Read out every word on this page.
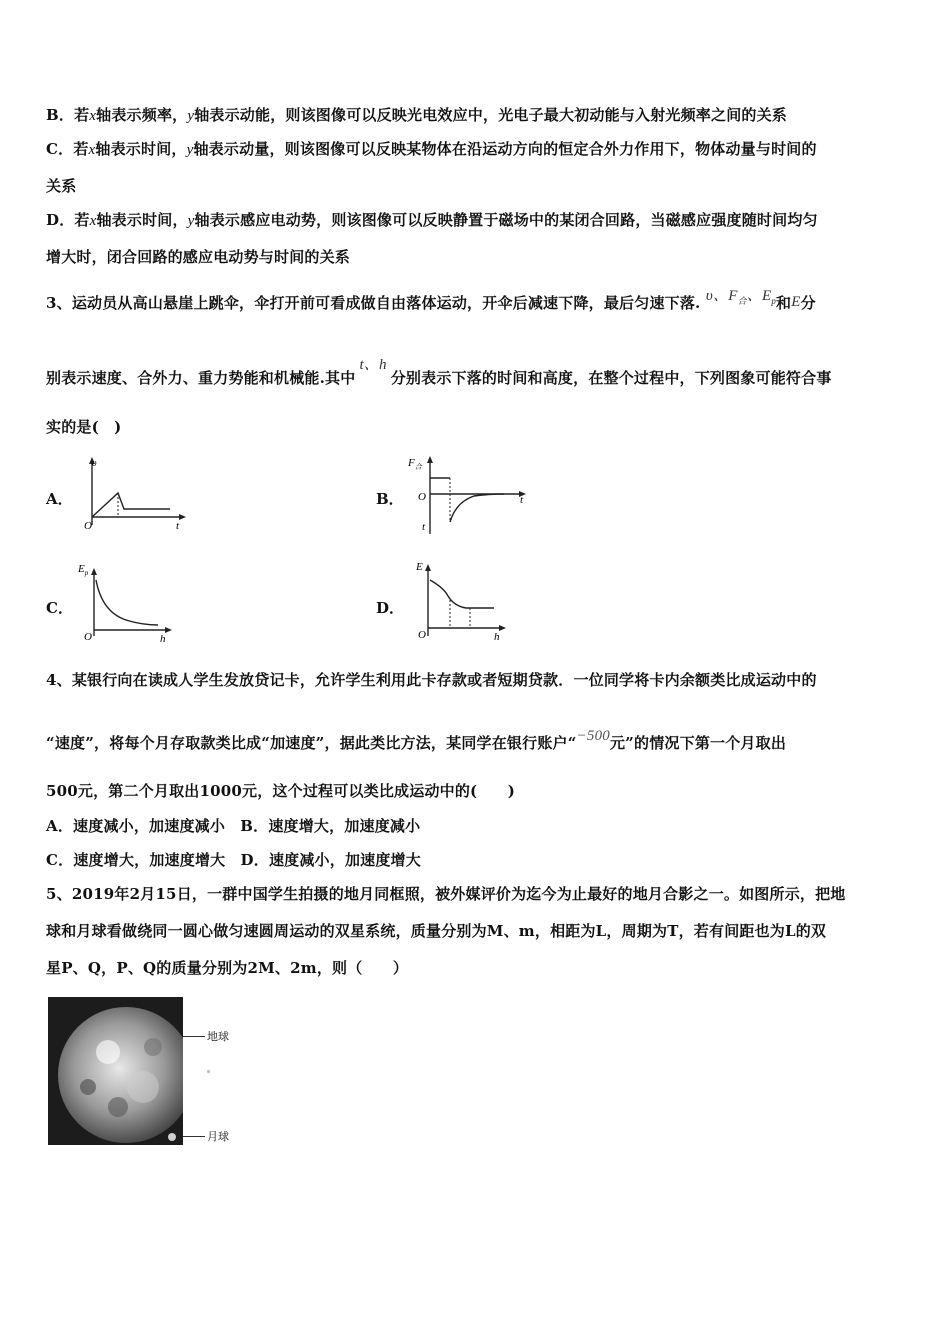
B．若x轴表示频率，y轴表示动能，则该图像可以反映光电效应中，光电子最大初动能与入射光频率之间的关系
C．若x轴表示时间，y轴表示动量，则该图像可以反映某物体在沿运动方向的恒定合外力作用下，物体动量与时间的
关系
D．若x轴表示时间，y轴表示感应电动势，则该图像可以反映静置于磁场中的某闭合回路，当磁感应强度随时间均匀
增大时，闭合回路的感应电动势与时间的关系
3、运动员从高山悬崖上跳伞，伞打开前可看成做自由落体运动，开伞后减速下降，最后匀速下落. υ、$F_合$、$E_p$和E分
别表示速度、合外力、重力势能和机械能.其中t、h分别表示下落的时间和高度，在整个过程中，下列图象可能符合事
实的是(　)
A．
υ
O	t
B．
$F_合$
O	t
t
C．
$E_p$
O	h
D．
E
O	h
4、某银行向在读成人学生发放贷记卡，允许学生利用此卡存款或者短期贷款．一位同学将卡内余额类比成运动中的
“速度”，将每个月存取款类比成“加速度”，据此类比方法，某同学在银行账户“−500元”的情况下第一个月取出
500元，第二个月取出1000元，这个过程可以类比成运动中的(　　)
A．速度减小，加速度减小　B．速度增大，加速度减小
C．速度增大，加速度增大　D．速度减小，加速度增大
5、2019年2月15日，一群中国学生拍摄的地月同框照，被外媒评价为迄今为止最好的地月合影之一。如图所示，把地
球和月球看做绕同一圆心做匀速圆周运动的双星系统，质量分别为M、m，相距为L，周期为T，若有间距也为L的双
星P、Q，P、Q的质量分别为2M、2m，则（　　）
地球
月球
